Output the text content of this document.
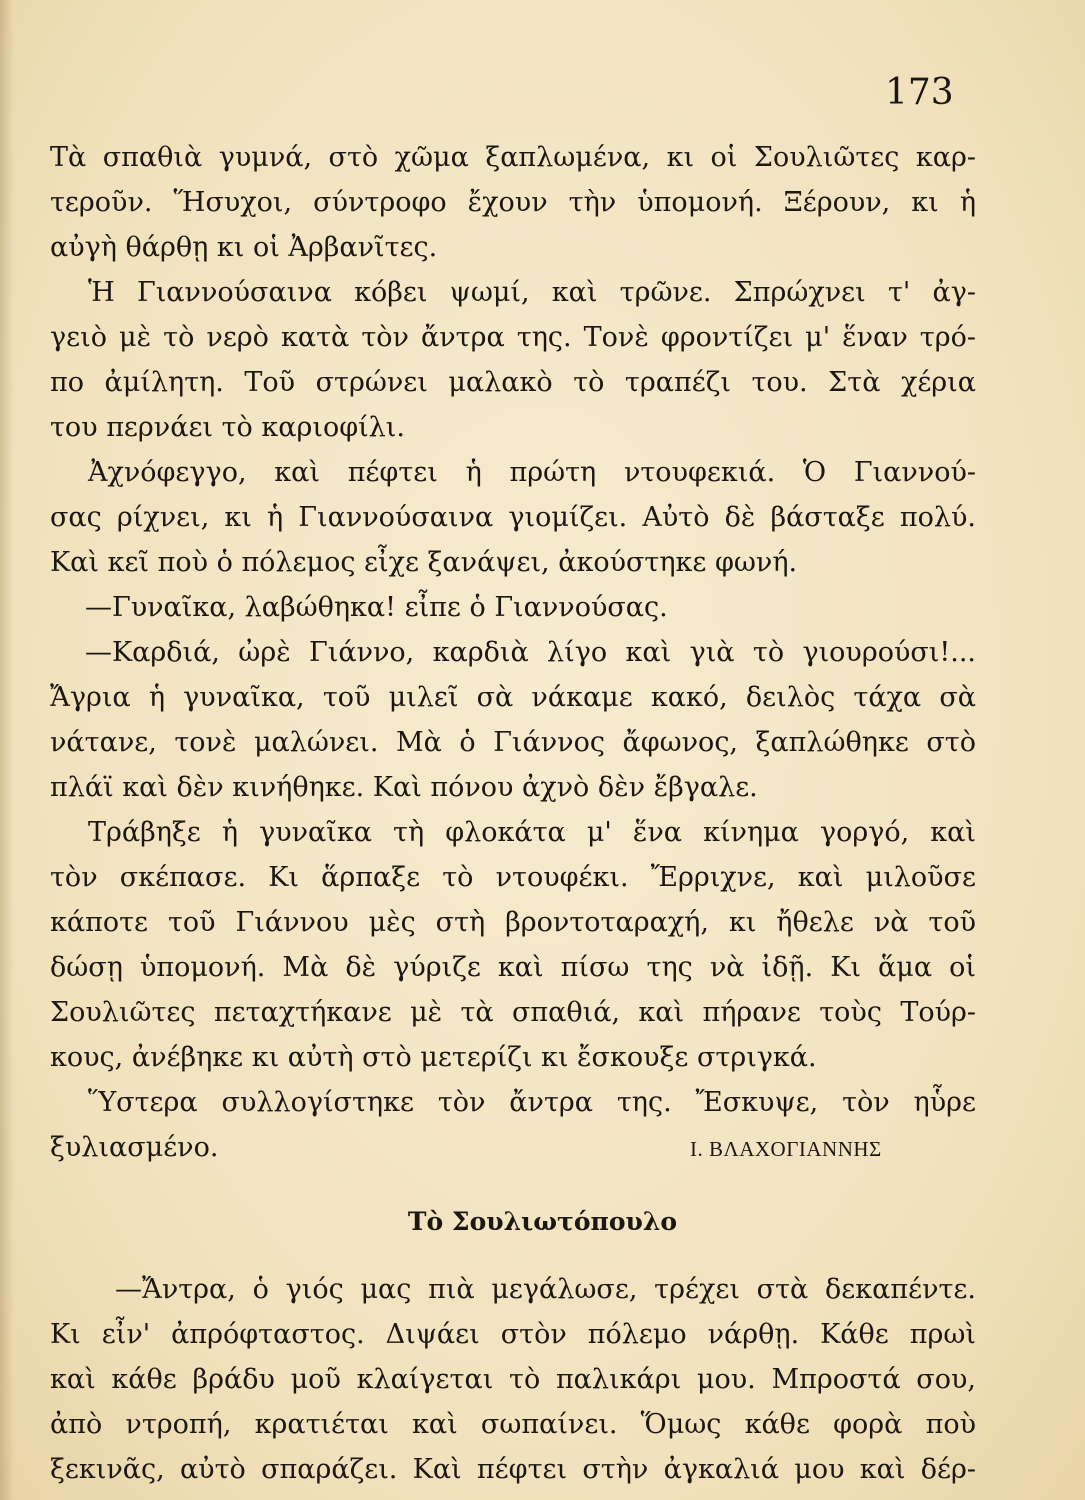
173
Τὰ σπαθιὰ γυμνά, στὸ χῶμα ξαπλωμένα, κι οἱ Σουλιῶτες καρ-
τεροῦν. Ἥσυχοι, σύντροφο ἔχουν τὴν ὑπομονή. Ξέρουν, κι ἡ
αὐγὴ θάρθῃ κι οἱ Ἀρβανῖτες.
Ἡ Γιαννούσαινα κόβει ψωμί, καὶ τρῶνε. Σπρώχνει τ' ἀγ-
γειὸ μὲ τὸ νερὸ κατὰ τὸν ἄντρα της. Τονὲ φροντίζει μ' ἕναν τρό-
πο ἀμίλητη. Τοῦ στρώνει μαλακὸ τὸ τραπέζι του. Στὰ χέρια
του περνάει τὸ καριοφίλι.
Ἀχνόφεγγο, καὶ πέφτει ἡ πρώτη ντουφεκιά. Ὁ Γιαννού-
σας ρίχνει, κι ἡ Γιαννούσαινα γιομίζει. Αὐτὸ δὲ βάσταξε πολύ.
Καὶ κεῖ ποὺ ὁ πόλεμος εἶχε ξανάψει, ἀκούστηκε φωνή.
—Γυναῖκα, λαβώθηκα! εἶπε ὁ Γιαννούσας.
—Καρδιά, ὠρὲ Γιάννο, καρδιὰ λίγο καὶ γιὰ τὸ γιουρούσι!...
Ἄγρια ἡ γυναῖκα, τοῦ μιλεῖ σὰ νάκαμε κακό, δειλὸς τάχα σὰ
νάτανε, τονὲ μαλώνει. Μὰ ὁ Γιάννος ἄφωνος, ξαπλώθηκε στὸ
πλάϊ καὶ δὲν κινήθηκε. Καὶ πόνου ἀχνὸ δὲν ἔβγαλε.
Τράβηξε ἡ γυναῖκα τὴ φλοκάτα μ' ἕνα κίνημα γοργό, καὶ
τὸν σκέπασε. Κι ἅρπαξε τὸ ντουφέκι. Ἔρριχνε, καὶ μιλοῦσε
κάποτε τοῦ Γιάννου μὲς στὴ βροντοταραχή, κι ἤθελε νὰ τοῦ
δώσῃ ὑπομονή. Μὰ δὲ γύριζε καὶ πίσω της νὰ ἰδῇ. Κι ἅμα οἱ
Σουλιῶτες πεταχτήκανε μὲ τὰ σπαθιά, καὶ πήρανε τοὺς Τούρ-
κους, ἀνέβηκε κι αὐτὴ στὸ μετερίζι κι ἔσκουξε στριγκά.
Ὕστερα συλλογίστηκε τὸν ἄντρα της. Ἔσκυψε, τὸν ηὗρε
ξυλιασμένο.	Ι. ΒΛΑΧΟΓΙΑΝΝΗΣ
Τὸ Σουλιωτόπουλο
—Ἄντρα, ὁ γιός μας πιὰ μεγάλωσε, τρέχει στὰ δεκαπέντε.
Κι εἶν' ἀπρόφταστος. Διψάει στὸν πόλεμο νάρθῃ. Κάθε πρωὶ
καὶ κάθε βράδυ μοῦ κλαίγεται τὸ παλικάρι μου. Μπροστά σου,
ἀπὸ ντροπή, κρατιέται καὶ σωπαίνει. Ὅμως κάθε φορὰ ποὺ
ξεκινᾶς, αὐτὸ σπαράζει. Καὶ πέφτει στὴν ἀγκαλιά μου καὶ δέρ-
